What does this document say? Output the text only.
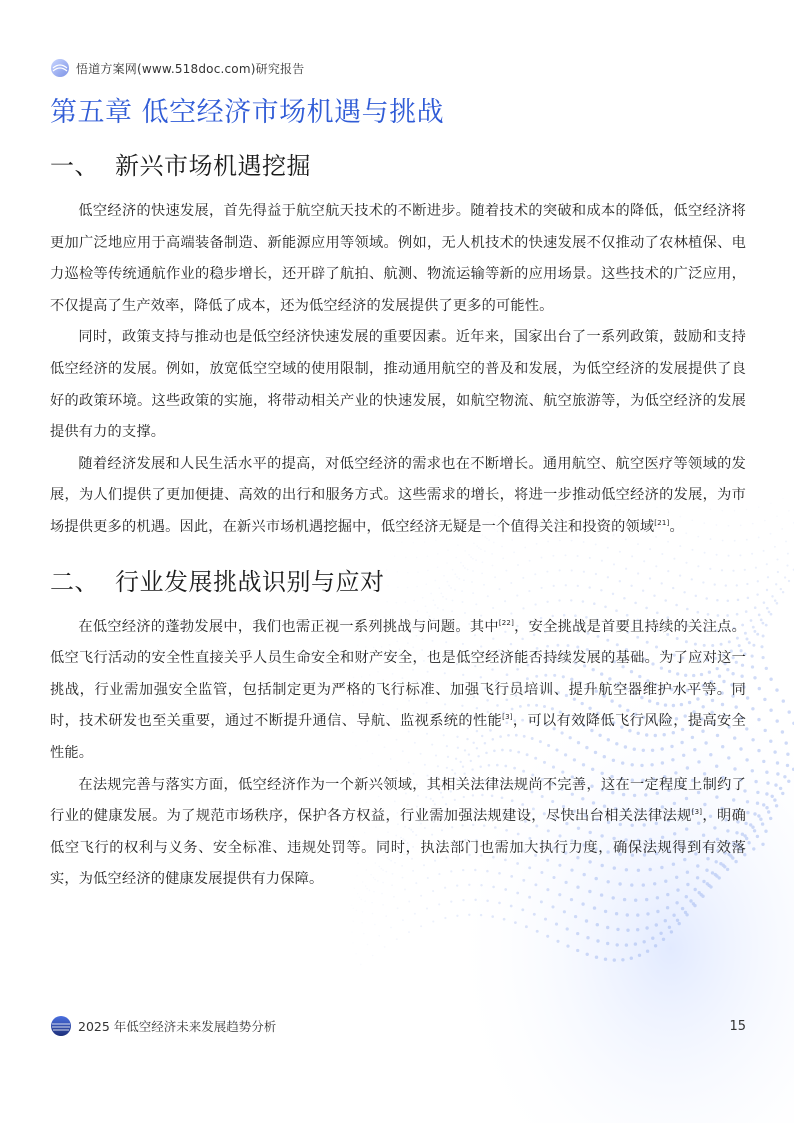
悟道方案网(www.518doc.com)研究报告
第五章 低空经济市场机遇与挑战
一、 新兴市场机遇挖掘

低空经济的快速发展，首先得益于航空航天技术的不断进步。随着技术的突破和成本的降低，低空经济将更加广泛地应用于高端装备制造、新能源应用等领域。例如，无人机技术的快速发展不仅推动了农林植保、电力巡检等传统通航作业的稳步增长，还开辟了航拍、航测、物流运输等新的应用场景。这些技术的广泛应用，不仅提高了生产效率，降低了成本，还为低空经济的发展提供了更多的可能性。

同时，政策支持与推动也是低空经济快速发展的重要因素。近年来，国家出台了一系列政策，鼓励和支持低空经济的发展。例如，放宽低空空域的使用限制，推动通用航空的普及和发展，为低空经济的发展提供了良好的政策环境。这些政策的实施，将带动相关产业的快速发展，如航空物流、航空旅游等，为低空经济的发展提供有力的支撑。

随着经济发展和人民生活水平的提高，对低空经济的需求也在不断增长。通用航空、航空医疗等领域的发展，为人们提供了更加便捷、高效的出行和服务方式。这些需求的增长，将进一步推动低空经济的发展，为市场提供更多的机遇。因此，在新兴市场机遇挖掘中，低空经济无疑是一个值得关注和投资的领域[21]。

二、 行业发展挑战识别与应对

在低空经济的蓬勃发展中，我们也需正视一系列挑战与问题。其中[22]，安全挑战是首要且持续的关注点。低空飞行活动的安全性直接关乎人员生命安全和财产安全，也是低空经济能否持续发展的基础。为了应对这一挑战，行业需加强安全监管，包括制定更为严格的飞行标准、加强飞行员培训、提升航空器维护水平等。同时，技术研发也至关重要，通过不断提升通信、导航、监视系统的性能[3]，可以有效降低飞行风险，提高安全性能。

在法规完善与落实方面，低空经济作为一个新兴领域，其相关法律法规尚不完善，这在一定程度上制约了行业的健康发展。为了规范市场秩序，保护各方权益，行业需加强法规建设，尽快出台相关法律法规[3]，明确低空飞行的权利与义务、安全标准、违规处罚等。同时，执法部门也需加大执行力度，确保法规得到有效落实，为低空经济的健康发展提供有力保障。

2025 年低空经济未来发展趋势分析	15
